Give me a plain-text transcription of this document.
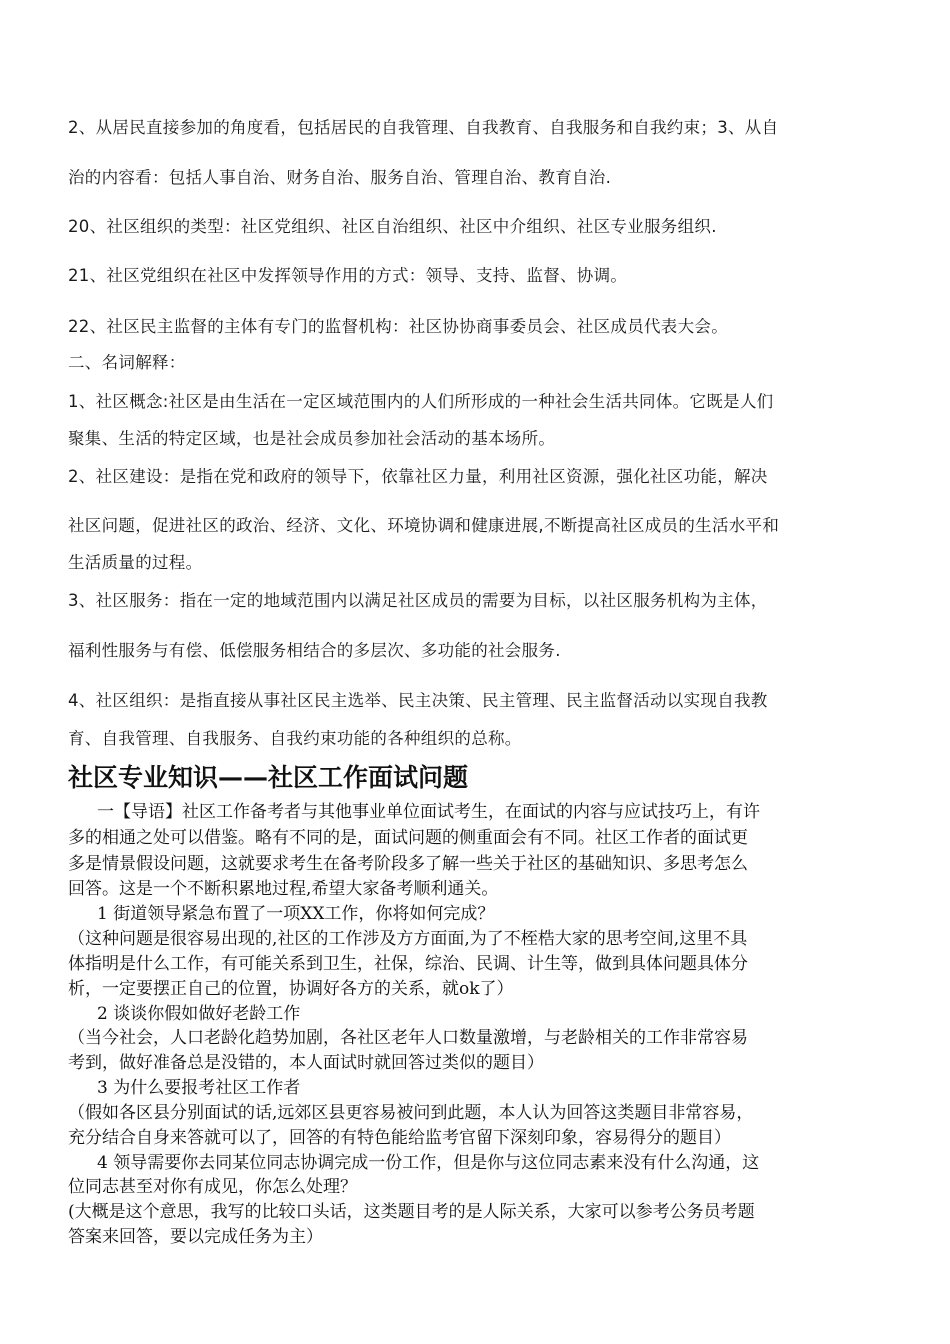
2、从居民直接参加的角度看，包括居民的自我管理、自我教育、自我服务和自我约束；3、从自

治的内容看：包括人事自治、财务自治、服务自治、管理自治、教育自治.

20、社区组织的类型：社区党组织、社区自治组织、社区中介组织、社区专业服务组织.

21、社区党组织在社区中发挥领导作用的方式：领导、支持、监督、协调。

22、社区民主监督的主体有专门的监督机构：社区协协商事委员会、社区成员代表大会。

二、名词解释：

1、社区概念:社区是由生活在一定区域范围内的人们所形成的一种社会生活共同体。它既是人们

聚集、生活的特定区域，也是社会成员参加社会活动的基本场所。

2、社区建设：是指在党和政府的领导下，依靠社区力量，利用社区资源，强化社区功能，解决

社区问题，促进社区的政治、经济、文化、环境协调和健康进展,不断提高社区成员的生活水平和

生活质量的过程。

3、社区服务：指在一定的地域范围内以满足社区成员的需要为目标，以社区服务机构为主体，

福利性服务与有偿、低偿服务相结合的多层次、多功能的社会服务.

4、社区组织：是指直接从事社区民主选举、民主决策、民主管理、民主监督活动以实现自我教

育、自我管理、自我服务、自我约束功能的各种组织的总称。

社区专业知识——社区工作面试问题

一【导语】社区工作备考者与其他事业单位面试考生，在面试的内容与应试技巧上，有许

多的相通之处可以借鉴。略有不同的是，面试问题的侧重面会有不同。社区工作者的面试更

多是情景假设问题，这就要求考生在备考阶段多了解一些关于社区的基础知识、多思考怎么

回答。这是一个不断积累地过程,希望大家备考顺利通关。

1 街道领导紧急布置了一项XX工作，你将如何完成？

（这种问题是很容易出现的,社区的工作涉及方方面面,为了不桎梏大家的思考空间,这里不具

体指明是什么工作，有可能关系到卫生，社保，综治、民调、计生等，做到具体问题具体分

析，一定要摆正自己的位置，协调好各方的关系，就ok了）

2 谈谈你假如做好老龄工作

（当今社会，人口老龄化趋势加剧，各社区老年人口数量激增，与老龄相关的工作非常容易

考到，做好准备总是没错的，本人面试时就回答过类似的题目）

3 为什么要报考社区工作者

（假如各区县分别面试的话,远郊区县更容易被问到此题，本人认为回答这类题目非常容易，

充分结合自身来答就可以了，回答的有特色能给监考官留下深刻印象，容易得分的题目）

4 领导需要你去同某位同志协调完成一份工作，但是你与这位同志素来没有什么沟通，这

位同志甚至对你有成见，你怎么处理？

(大概是这个意思，我写的比较口头话，这类题目考的是人际关系，大家可以参考公务员考题

答案来回答，要以完成任务为主）
